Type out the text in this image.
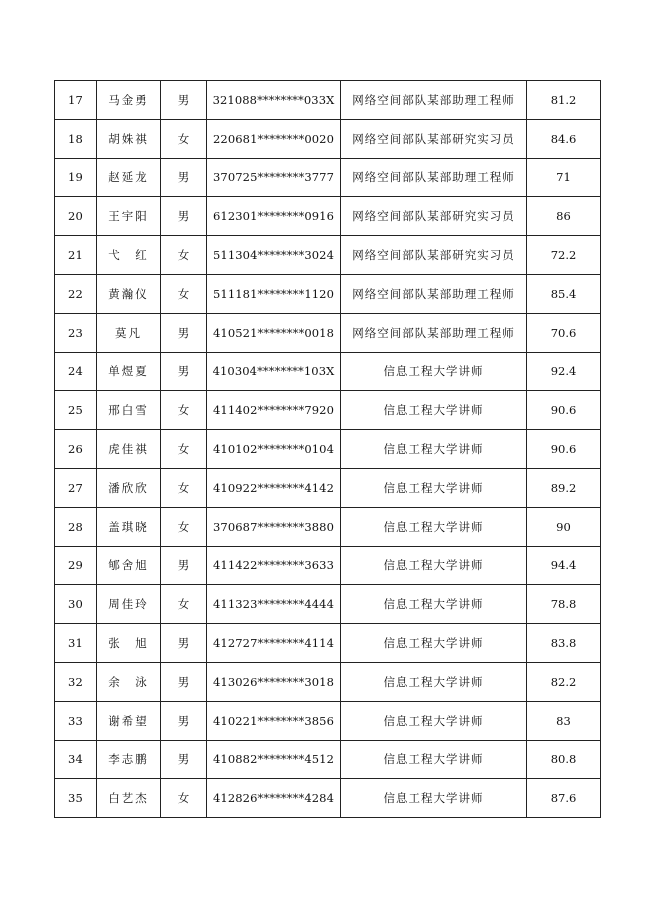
17	马金勇	男	321088********033X	网络空间部队某部助理工程师	81.2
18	胡姝祺	女	220681********0020	网络空间部队某部研究实习员	84.6
19	赵延龙	男	370725********3777	网络空间部队某部助理工程师	71
20	王宇阳	男	612301********0916	网络空间部队某部研究实习员	86
21	弋　红	女	511304********3024	网络空间部队某部研究实习员	72.2
22	黄瀚仪	女	511181********1120	网络空间部队某部助理工程师	85.4
23	莫凡	男	410521********0018	网络空间部队某部助理工程师	70.6
24	单煜夏	男	410304********103X	信息工程大学讲师	92.4
25	邢白雪	女	411402********7920	信息工程大学讲师	90.6
26	虎佳祺	女	410102********0104	信息工程大学讲师	90.6
27	潘欣欣	女	410922********4142	信息工程大学讲师	89.2
28	盖琪晓	女	370687********3880	信息工程大学讲师	90
29	郇舍旭	男	411422********3633	信息工程大学讲师	94.4
30	周佳玲	女	411323********4444	信息工程大学讲师	78.8
31	张　旭	男	412727********4114	信息工程大学讲师	83.8
32	余　泳	男	413026********3018	信息工程大学讲师	82.2
33	谢希望	男	410221********3856	信息工程大学讲师	83
34	李志鹏	男	410882********4512	信息工程大学讲师	80.8
35	白艺杰	女	412826********4284	信息工程大学讲师	87.6
